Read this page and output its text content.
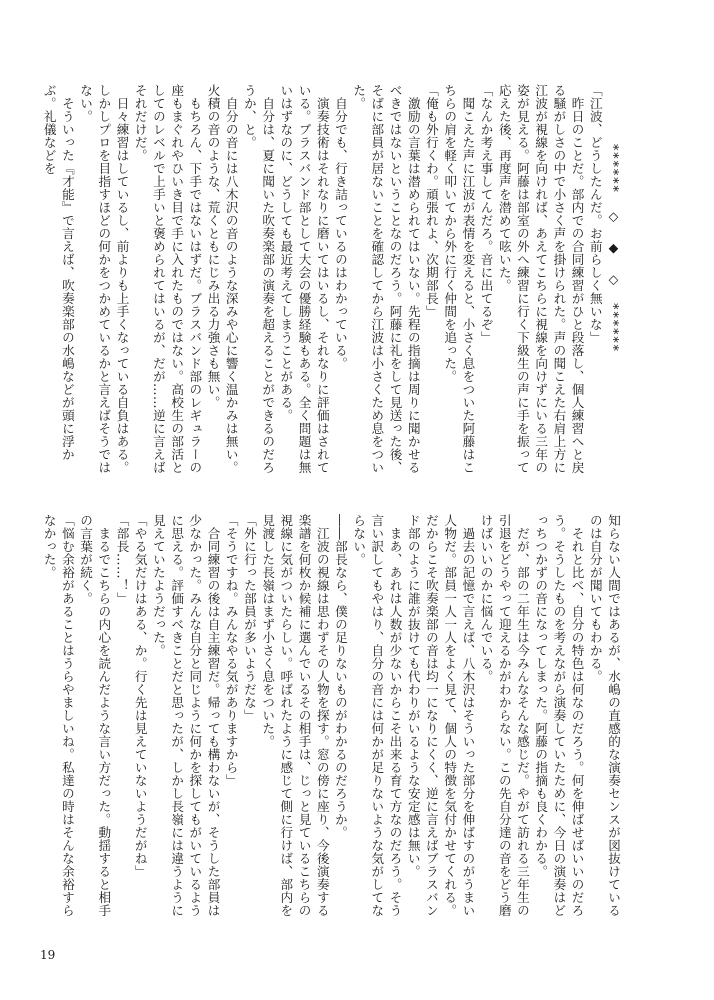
******　◇　◆　◇　******

「江波、どうしたんだ。お前らしく無いな」

　昨日のことだ。部内での合同練習がひと段落し、個人練習へと戻る騒がしさの中で小さく声を掛けられた。声の聞こえた右肩上方に江波が視線を向ければ、あえてこちらに視線を向けずにいる三年の姿が見える。阿藤は部室の外へ練習に行く下級生の声に手を振って応えた後、再度声を潜めて呟いた。

「なんか考え事してんだろ。音に出てるぞ」

　聞こえた声に江波が表情を変えると、小さく息をついた阿藤はこちらの肩を軽く叩いてから外に行く仲間を追った。

「俺も外行くわ。頑張れよ、次期部長」

　激励の言葉は潜められてはいない。先程の指摘は周りに聞かせるべきではないということなのだろう。阿藤に礼をして見送った後、そばに部員が居ないことを確認してから江波は小さくため息をついた。

　自分でも、行き詰っているのはわかっている。

　演奏技術はそれなりに磨いてはいるし、それなりに評価はされている。ブラスバンド部として大会の優勝経験もある。全く問題は無いはずなのに、どうしても最近考えてしまうことがある。

　自分は、夏に聞いた吹奏楽部の演奏を超えることができるのだろうか、と。

　自分の音には八木沢の音のような深みや心に響く温かみは無い。火積の音のような、荒くともにじみ出る力強さも無い。

　もちろん、下手ではないはずだ。ブラスバンド部のレギュラーの座もまぐれやひいき目で手に入れたものではない。高校生の部活としてのレベルで上手いと褒められてはいるが、だが……逆に言えばそれだけだ。

　日々練習はしているし、前よりも上手くなっている自負はある。しかしプロを目指すほどの何かをつかめているかと言えばそうではない。

　そういった『才能』で言えば、吹奏楽部の水嶋などが頭に浮かぶ。礼儀などを

知らない人間ではあるが、水嶋の直感的な演奏センスが図抜けているのは自分が聞いてもわかる。

　それと比べ、自分の特色は何なのだろう。何を伸ばせばいいのだろう。そうしたものを考えながら演奏していたために、今日の演奏はどっちつかずの音になってしまった。阿藤の指摘も良くわかる。

　だが、部の二年生は今みんなそんな感じだ。やがて訪れる三年生の引退をどうやって迎えるかがわからない。この先自分達の音をどう磨けばいいのかに悩んでいる。

　過去の記憶で言えば、八木沢はそういった部分を伸ばすのがうまい人物だ。部員一人一人をよく見て、個人の特徴を気付かせてくれる。だからこそ吹奏楽部の音は均一になりにくく、逆に言えばブラスバンド部のように誰が抜けても代わりがいるような安定感は無い。

　まあ、あれは人数が少ないからこそ出来る育て方なのだろう。そう言い訳してもやはり、自分の音には何かが足りないような気がしてならない。

――部長なら、僕の足りないものがわかるのだろうか。

　江波の視線は思わずその人物を探す。窓の傍に座り、今後演奏する楽譜を何枚か候補に選んでいるその相手は、じっと見ているこちらの視線に気がついたらしい。呼ばれたように感じて側に行けば、部内を見渡した長嶺はまず小さく息をついた。

「外に行った部員が多いようだな」

「そうですね。みんなやる気がありますから」

　合同練習の後は自主練習だ。帰っても構わないが、そうした部員は少なかった。みんな自分と同じように何かを探してもがいているように思える。評価すべきことだと思ったが、しかし長嶺には違うように見えていたようだった。

「やる気だけはある、か。行く先は見えていないようだがね」

「部長……！」

　まるでこちらの内心を読んだような言い方だった。動揺すると相手の言葉が続く。

「悩む余裕があることはうらやましいね。私達の時はそんな余裕すらなかった。

19
